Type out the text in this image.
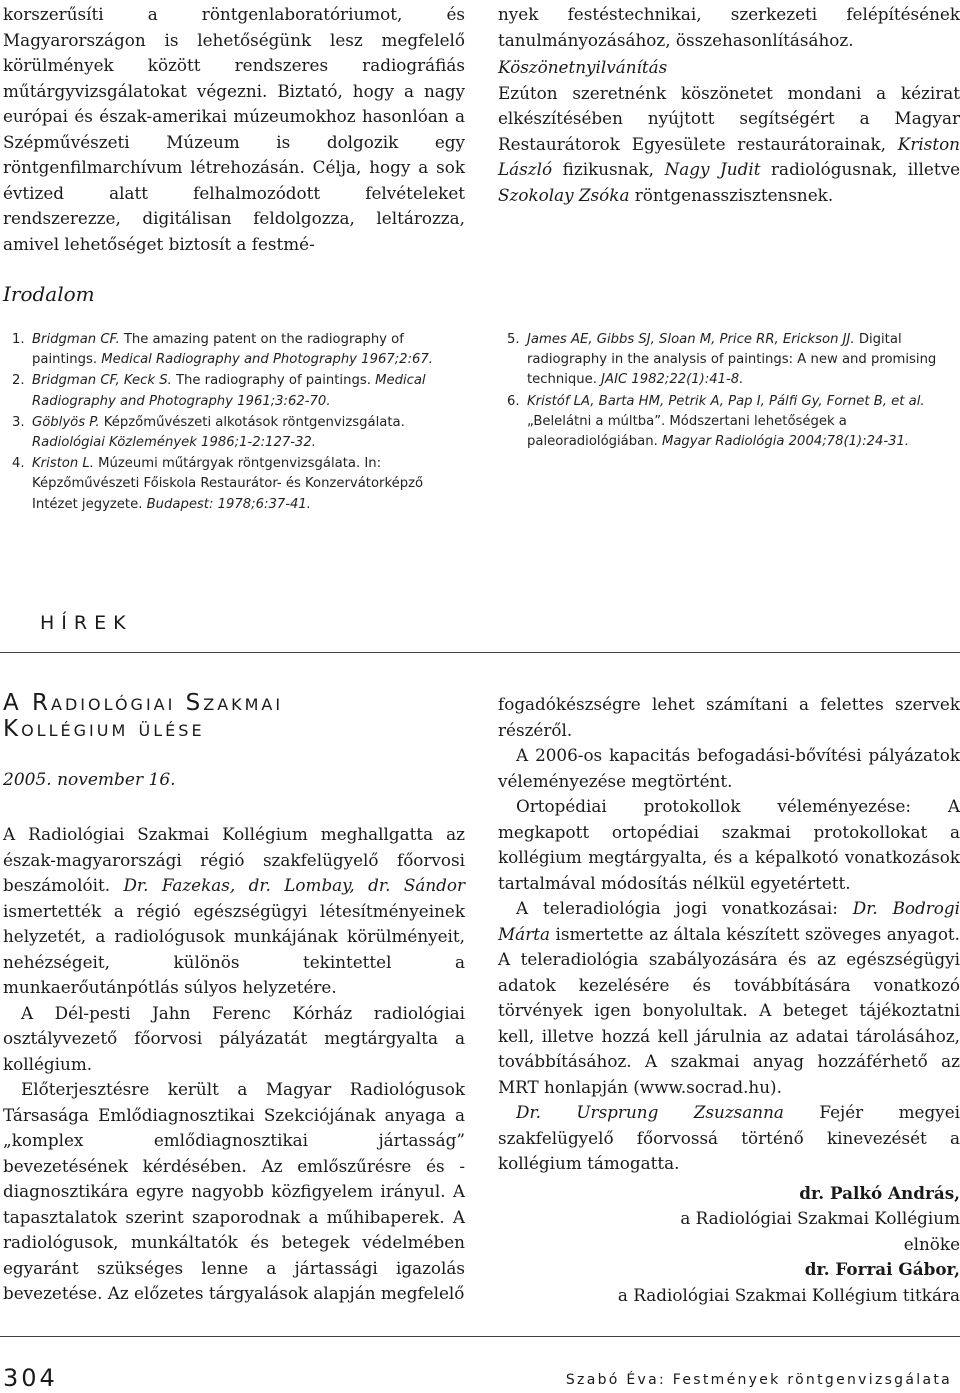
korszerűsíti a röntgenlaboratóriumot, és Magyarországon is lehetőségünk lesz megfelelő körülmények között rendszeres radiográfiás műtárgyvizsgálatokat végezni. Biztató, hogy a nagy európai és észak-amerikai múzeumokhoz hasonlóan a Szépművészeti Múzeum is dolgozik egy röntgenfilmarchívum létrehozásán. Célja, hogy a sok évtized alatt felhalmozódott felvételeket rendszerezze, digitálisan feldolgozza, leltározza, amivel lehetőséget biztosít a festmé-

nyek festéstechnikai, szerkezeti felépítésének tanulmányozásához, összehasonlításához.

Köszönetnyilvánítás

Ezúton szeretnénk köszönetet mondani a kézirat elkészítésében nyújtott segítségért a Magyar Restaurátorok Egyesülete restaurátorainak, Kriston László fizikusnak, Nagy Judit radiológusnak, illetve Szokolay Zsóka röntgenasszisztensnek.

Irodalom

1. Bridgman CF. The amazing patent on the radiography of paintings. Medical Radiography and Photography 1967;2:67.

2. Bridgman CF, Keck S. The radiography of paintings. Medical Radiography and Photography 1961;3:62-70.

3. Göblyös P. Képzőművészeti alkotások röntgenvizsgálata. Radiológiai Közlemények 1986;1-2:127-32.

4. Kriston L. Múzeumi műtárgyak röntgenvizsgálata. In: Képzőművészeti Főiskola Restaurátor- és Konzervátorképző Intézet jegyzete. Budapest: 1978;6:37-41.

5. James AE, Gibbs SJ, Sloan M, Price RR, Erickson JJ. Digital radiography in the analysis of paintings: A new and promising technique. JAIC 1982;22(1):41-8.

6. Kristóf LA, Barta HM, Petrik A, Pap I, Pálfi Gy, Fornet B, et al. „Belelátni a múltba”. Módszertani lehetőségek a paleoradiológiában. Magyar Radiológia 2004;78(1):24-31.

HÍREK
A Radiológiai Szakmai
Kollégium ülése

2005. november 16.

A Radiológiai Szakmai Kollégium meghallgatta az észak-magyarországi régió szakfelügyelő főorvosi beszámolóit. Dr. Fazekas, dr. Lombay, dr. Sándor ismertették a régió egészségügyi létesítményeinek helyzetét, a radiológusok munkájának körülményeit, nehézségeit, különös tekintettel a munkaerőutánpótlás súlyos helyzetére.

A Dél-pesti Jahn Ferenc Kórház radiológiai osztályvezető főorvosi pályázatát megtárgyalta a kollégium.

Előterjesztésre került a Magyar Radiológusok Társasága Emlődiagnosztikai Szekciójának anyaga a „komplex emlődiagnosztikai jártasság” bevezetésének kérdésében. Az emlőszűrésre és -diagnosztikára egyre nagyobb közfigyelem irányul. A tapasztalatok szerint szaporodnak a műhibaperek. A radiológusok, munkáltatók és betegek védelmében egyaránt szükséges lenne a jártassági igazolás bevezetése. Az előzetes tárgyalások alapján megfelelő

fogadókészségre lehet számítani a felettes szervek részéről.

A 2006-os kapacitás befogadási-bővítési pályázatok véleményezése megtörtént.

Ortopédiai protokollok véleményezése: A megkapott ortopédiai szakmai protokollokat a kollégium megtárgyalta, és a képalkotó vonatkozások tartalmával módosítás nélkül egyetértett.

A teleradiológia jogi vonatkozásai: Dr. Bodrogi Márta ismertette az általa készített szöveges anyagot. A teleradiológia szabályozására és az egészségügyi adatok kezelésére és továbbítására vonatkozó törvények igen bonyolultak. A beteget tájékoztatni kell, illetve hozzá kell járulnia az adatai tárolásához, továbbításához. A szakmai anyag hozzáférhető az MRT honlapján (www.socrad.hu).

Dr. Ursprung Zsuzsanna Fejér megyei szakfelügyelő főorvossá történő kinevezését a kollégium támogatta.

dr. Palkó András,

a Radiológiai Szakmai Kollégium

elnöke

dr. Forrai Gábor,

a Radiológiai Szakmai Kollégium titkára

304	Szabó Éva: Festmények röntgenvizsgálata
